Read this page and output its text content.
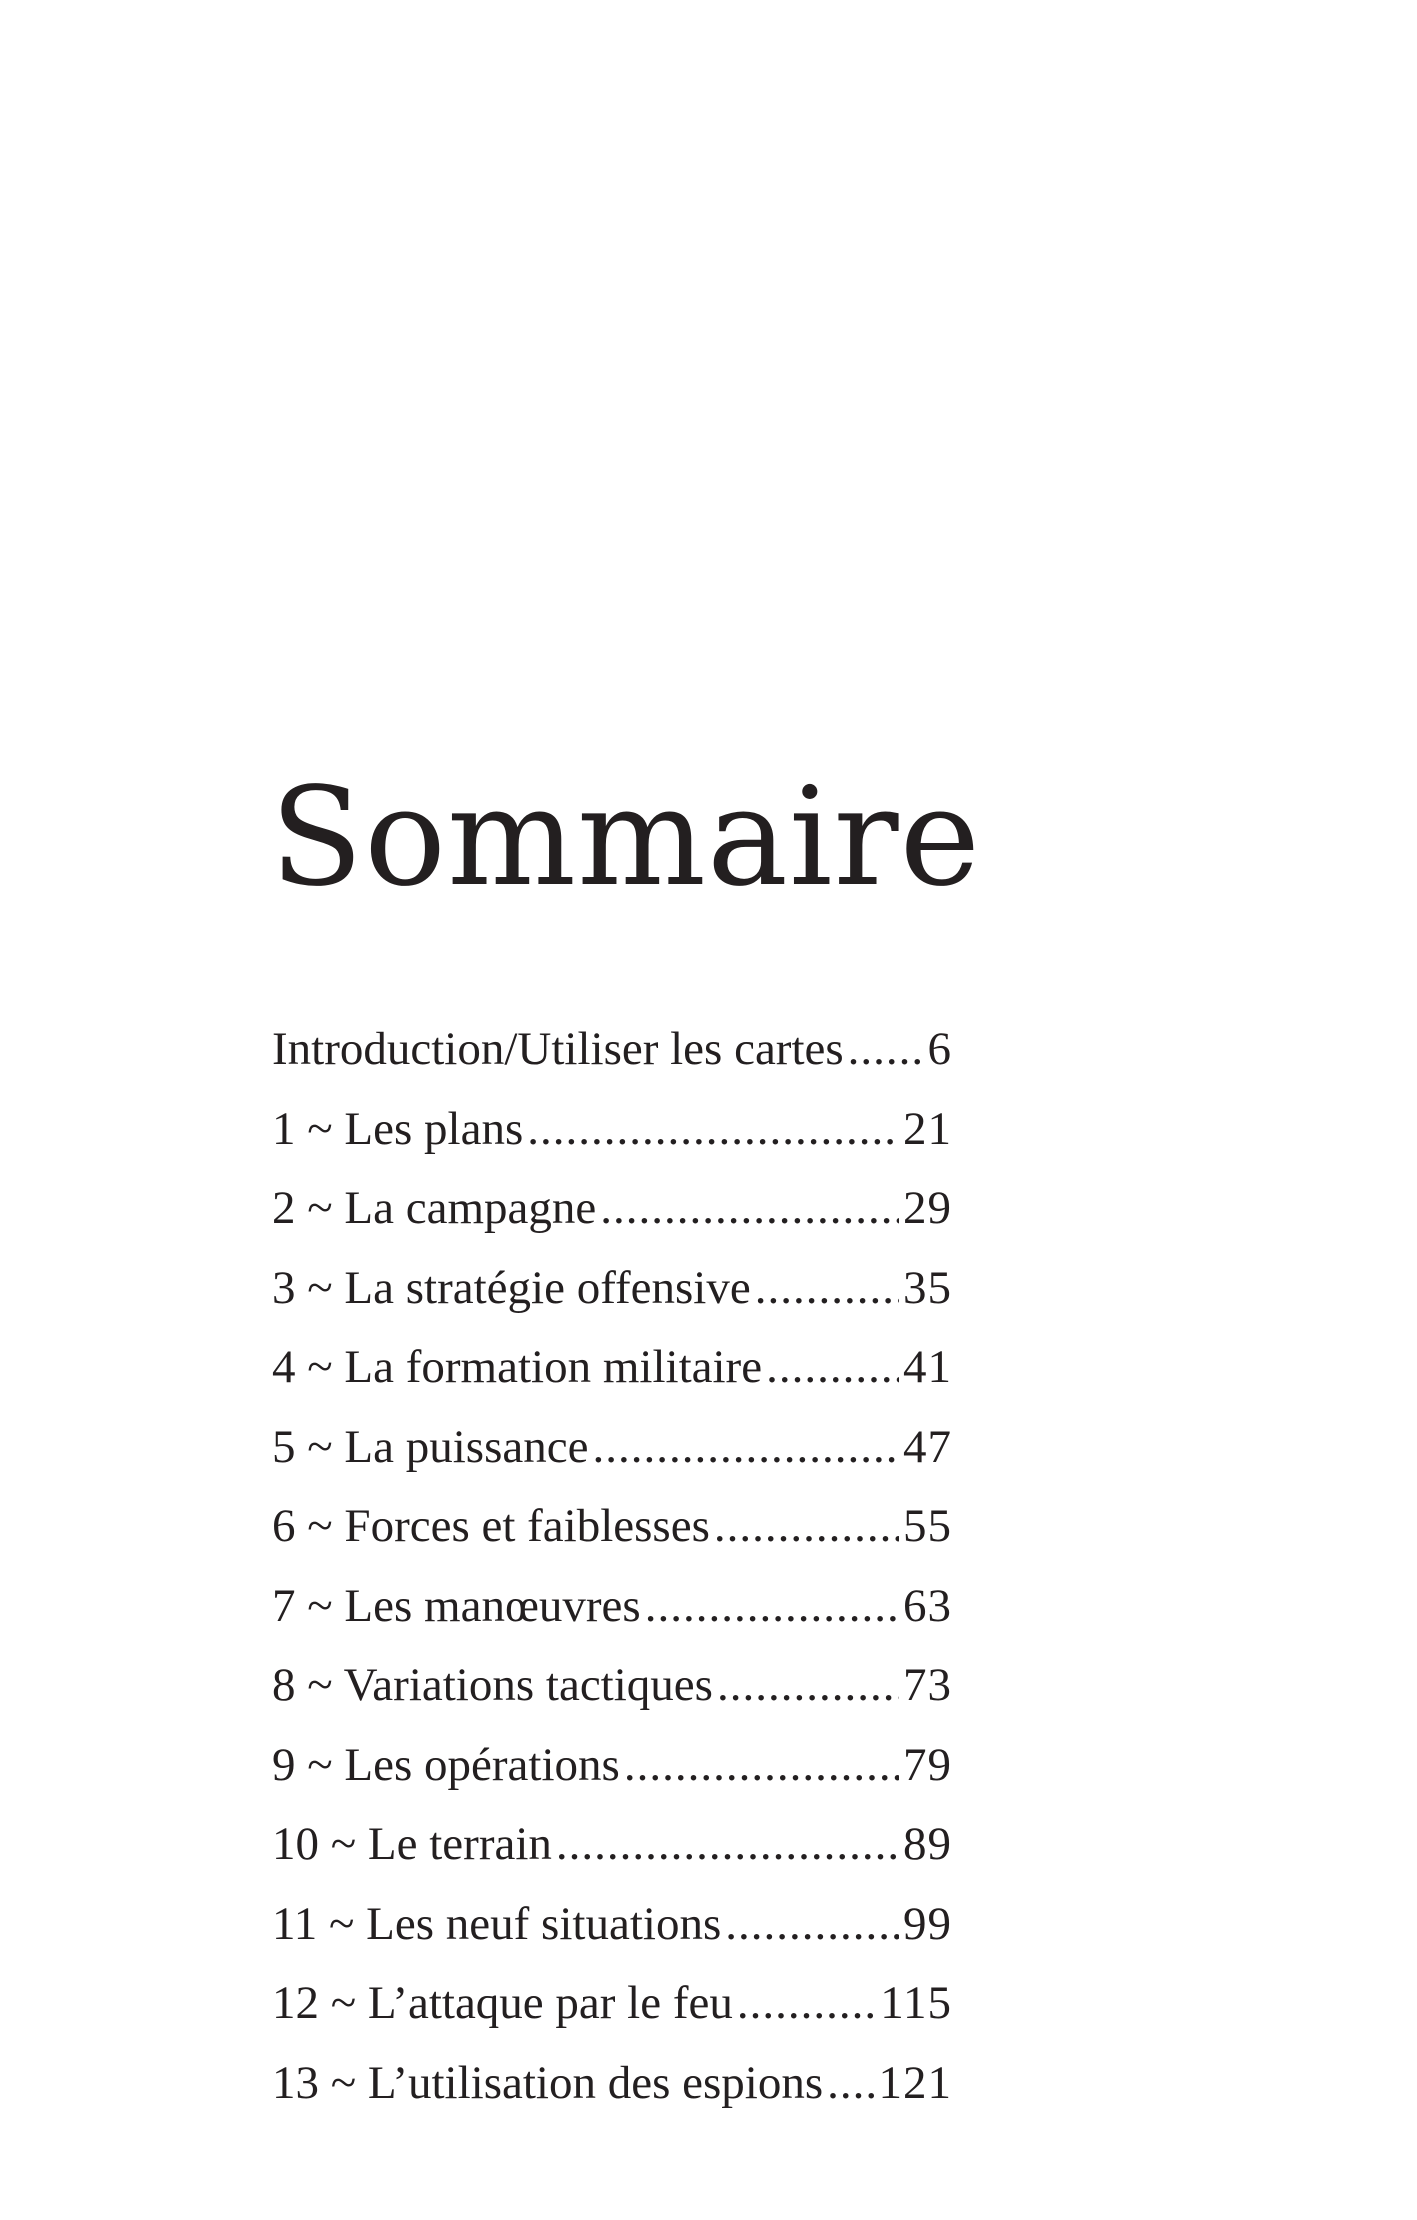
Sommaire
Introduction/Utiliser les cartes ..... 6
1 ~ Les plans .....	21
2 ~ La campagne .....	29
3 ~ La stratégie offensive .....	35
4 ~ La formation militaire .....	41
5 ~ La puissance .....	47
6 ~ Forces et faiblesses .....	55
7 ~ Les manœuvres .....	63
8 ~ Variations tactiques .....	73
9 ~ Les opérations .....	79
10 ~ Le terrain .....	89
11 ~ Les neuf situations .....	99
12 ~ L’attaque par le feu .....	115
13 ~ L’utilisation des espions ..... 121
